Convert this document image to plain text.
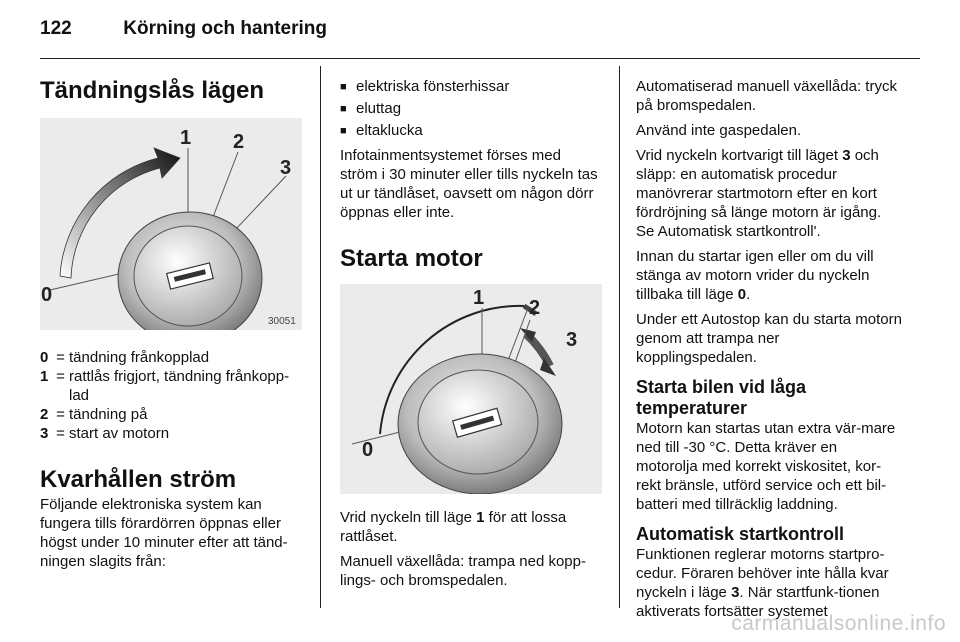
122	Körning och hantering
Tändningslås lägen
0
1 2
3
30051
0 = tändning frånkopplad
1 = rattlås frigjort, tändning frånkopp-lad
2 = tändning på
3 = start av motorn
Kvarhållen ström

Följande elektroniska system kan fungera tills förardörren öppnas eller högst under 10 minuter efter att tänd-ningen slagits från:

■ elektriska fönsterhissar
■ eluttag
■ eltaklucka

Infotainmentsystemet förses med ström i 30 minuter eller tills nyckeln tas ut ur tändlåset, oavsett om någon dörr öppnas eller inte.

Starta motor
0
1 2
3

Vrid nyckeln till läge 1 för att lossa rattlåset.

Manuell växellåda: trampa ned kopp-lings- och bromspedalen.

Automatiserad manuell växellåda: tryck på bromspedalen.

Använd inte gaspedalen.

Vrid nyckeln kortvarigt till läget 3 och släpp: en automatisk procedur manövrerar startmotorn efter en kort fördröjning så länge motorn är igång. Se Automatisk startkontroll'.

Innan du startar igen eller om du vill stänga av motorn vrider du nyckeln tillbaka till läge 0.

Under ett Autostop kan du starta motorn genom att trampa ner kopplingspedalen.

Starta bilen vid låga temperaturer

Motorn kan startas utan extra vär-mare ned till -30 °C. Detta kräver en motorolja med korrekt viskositet, kor-rekt bränsle, utförd service och ett bil-batteri med tillräcklig laddning.

Automatisk startkontroll

Funktionen reglerar motorns startpro-cedur. Föraren behöver inte hålla kvar nyckeln i läge 3. När startfunk-tionen aktiverats fortsätter systemet

carmanualsonline.info
